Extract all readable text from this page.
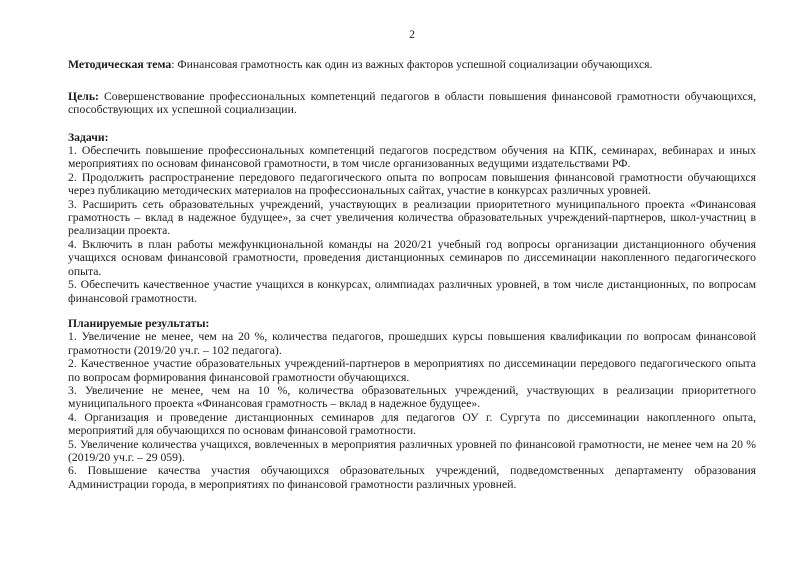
2

Методическая тема: Финансовая грамотность как один из важных факторов успешной социализации обучающихся.

Цель: Совершенствование профессиональных компетенций педагогов в области повышения финансовой грамотности обучающихся, способствующих их успешной социализации.

Задачи:

1. Обеспечить повышение профессиональных компетенций педагогов посредством обучения на КПК, семинарах, вебинарах и иных мероприятиях по основам финансовой грамотности, в том числе организованных ведущими издательствами РФ.

2. Продолжить распространение передового педагогического опыта по вопросам повышения финансовой грамотности обучающихся через публикацию методических материалов на профессиональных сайтах, участие в конкурсах различных уровней.

3. Расширить сеть образовательных учреждений, участвующих в реализации приоритетного муниципального проекта «Финансовая грамотность – вклад в надежное будущее», за счет увеличения количества образовательных учреждений-партнеров, школ-участниц в реализации проекта.

4. Включить в план работы межфункциональной команды на 2020/21 учебный год вопросы организации дистанционного обучения учащихся основам финансовой грамотности, проведения дистанционных семинаров по диссеминации накопленного педагогического опыта.

5. Обеспечить качественное участие учащихся в конкурсах, олимпиадах различных уровней, в том числе дистанционных, по вопросам финансовой грамотности.

Планируемые результаты:

1. Увеличение не менее, чем на 20 %, количества педагогов, прошедших курсы повышения квалификации по вопросам финансовой грамотности (2019/20 уч.г. – 102 педагога).

2. Качественное участие образовательных учреждений-партнеров в мероприятиях по диссеминации передового педагогического опыта по вопросам формирования финансовой грамотности обучающихся.

3. Увеличение не менее, чем на 10 %, количества образовательных учреждений, участвующих в реализации приоритетного муниципального проекта «Финансовая грамотность – вклад в надежное будущее».

4. Организация и проведение дистанционных семинаров для педагогов ОУ г. Сургута по диссеминации накопленного опыта, мероприятий для обучающихся по основам финансовой грамотности.

5. Увеличение количества учащихся, вовлеченных в мероприятия различных уровней по финансовой грамотности, не менее чем на 20 % (2019/20 уч.г. – 29 059).

6. Повышение качества участия обучающихся образовательных учреждений, подведомственных департаменту образования Администрации города, в мероприятиях по финансовой грамотности различных уровней.
